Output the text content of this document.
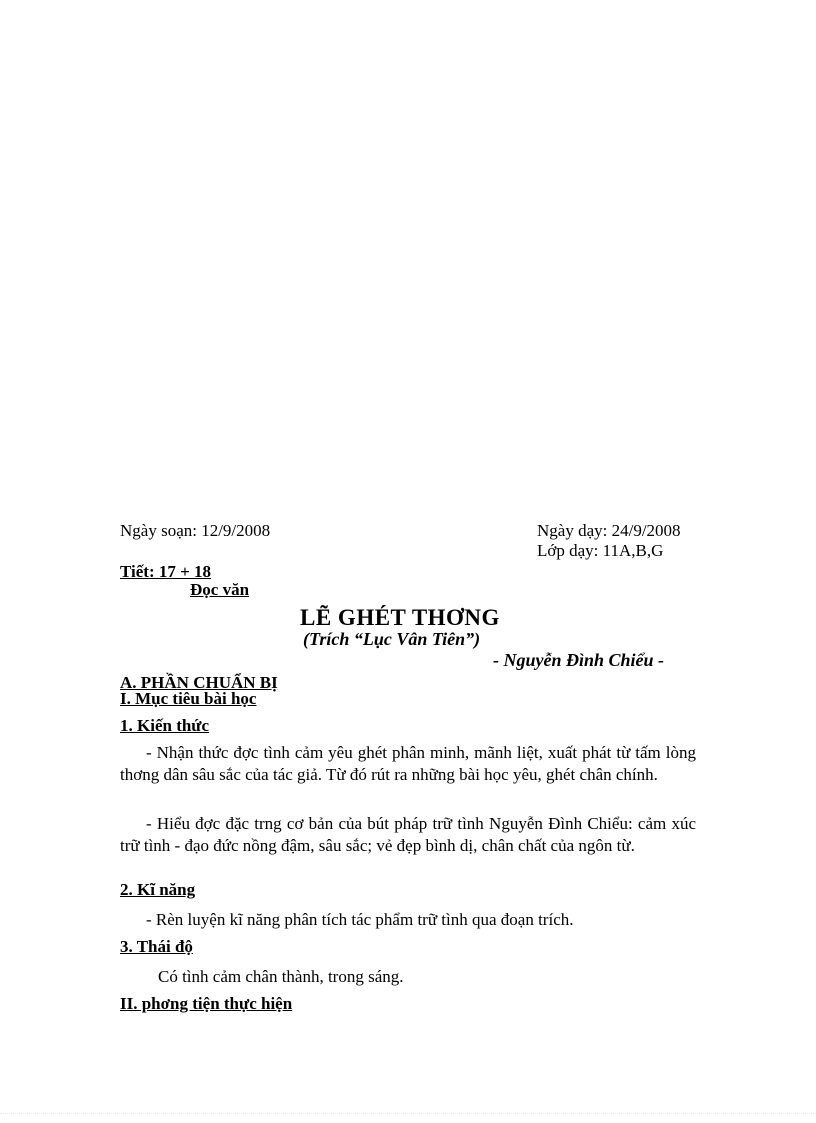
Ngày soạn: 12/9/2008	Ngày dạy: 24/9/2008
Lớp dạy: 11A,B,G
Tiết: 17 + 18
Đọc văn
LẼ GHÉT THƠNG
(Trích “Lục Vân Tiên”)
- Nguyễn Đình Chiểu -
A. PHẦN CHUẨN BỊ
I. Mục tiêu bài học
1. Kiến thức
- Nhận thức đợc tình cảm yêu ghét phân minh, mãnh liệt, xuất phát từ tấm lòng thơng dân sâu sắc của tác giả. Từ đó rút ra những bài học yêu, ghét chân chính.
- Hiểu đợc đặc trng cơ bản của bút pháp trữ tình Nguyễn Đình Chiểu: cảm xúc trữ tình - đạo đức nồng đậm, sâu sắc; vẻ đẹp bình dị, chân chất của ngôn từ.
2. Kĩ năng
- Rèn luyện kĩ năng phân tích tác phẩm trữ tình qua đoạn trích.
3. Thái độ
Có tình cảm chân thành, trong sáng.
II. phơng tiện thực hiện
